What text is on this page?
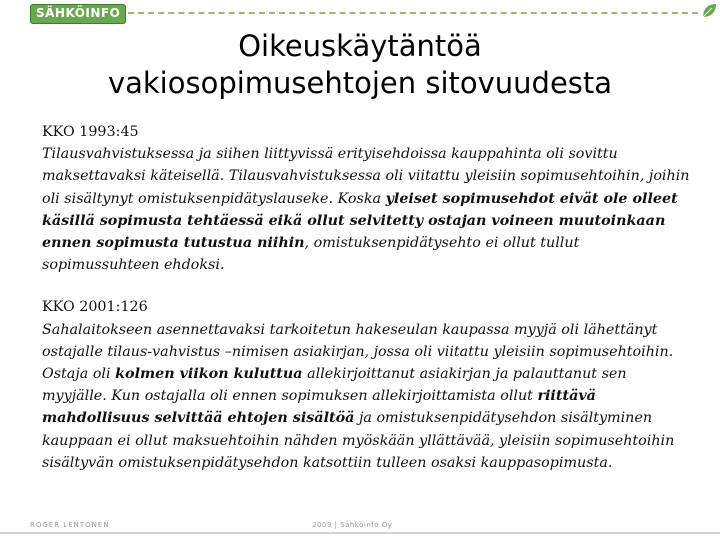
SÄHKÖINFO
Oikeuskäytäntöä
vakiosopimusehtojen sitovuudesta
KKO 1993:45
Tilausvahvistuksessa ja siihen liittyvissä erityisehdoissa kauppahinta oli sovittu maksettavaksi käteisellä. Tilausvahvistuksessa oli viitattu yleisiin sopimusehtoihin, joihin oli sisältynyt omistuksenpidätyslauseke. Koska yleiset sopimusehdot eivät ole olleet käsillä sopimusta tehtäessä eikä ollut selvitetty ostajan voineen muutoinkaan ennen sopimusta tutustua niihin, omistuksenpidätysehto ei ollut tullut sopimussuhteen ehdoksi.
KKO 2001:126
Sahalaitokseen asennettavaksi tarkoitetun hakeseulan kaupassa myyjä oli lähettänyt ostajalle tilaus-vahvistus –nimisen asiakirjan, jossa oli viitattu yleisiin sopimusehtoihin. Ostaja oli kolmen viikon kuluttua allekirjoittanut asiakirjan ja palauttanut sen myyjälle. Kun ostajalla oli ennen sopimuksen allekirjoittamista ollut riittävä mahdollisuus selvittää ehtojen sisältöä ja omistuksenpidätysehdon sisältyminen kauppaan ei ollut maksuehtoihin nähden myöskään yllättävää, yleisiin sopimusehtoihin sisältyvän omistuksenpidätysehdon katsottiin tulleen osaksi kauppasopimusta.
ROGER LENTONEN	2009 | Sähköinfo Oy
